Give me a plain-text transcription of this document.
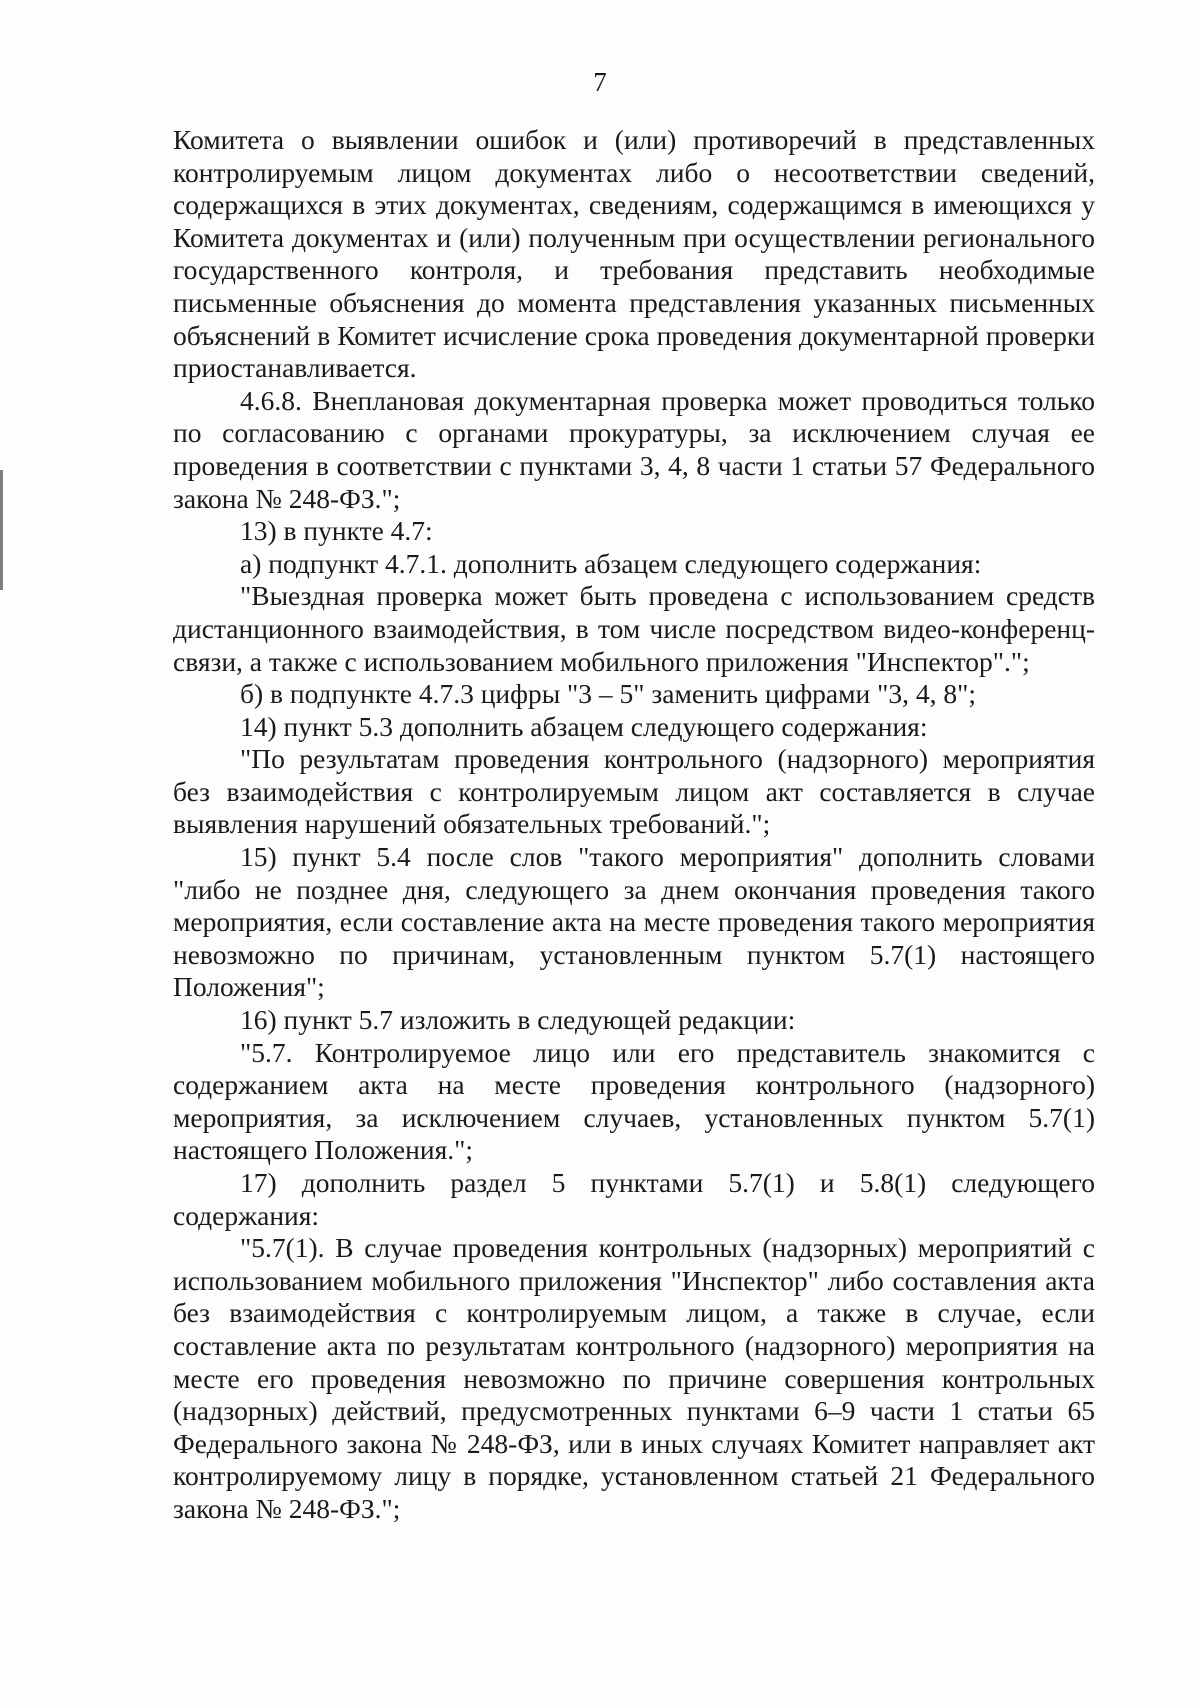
7

Комитета о выявлении ошибок и (или) противоречий в представленных контролируемым лицом документах либо о несоответствии сведений, содержащихся в этих документах, сведениям, содержащимся в имеющихся у Комитета документах и (или) полученным при осуществлении регионального государственного контроля, и требования представить необходимые письменные объяснения до момента представления указанных письменных объяснений в Комитет исчисление срока проведения документарной проверки приостанавливается.

4.6.8. Внеплановая документарная проверка может проводиться только по согласованию с органами прокуратуры, за исключением случая ее проведения в соответствии с пунктами 3, 4, 8 части 1 статьи 57 Федерального закона № 248-ФЗ.";

13) в пункте 4.7:

а) подпункт 4.7.1. дополнить абзацем следующего содержания:

"Выездная проверка может быть проведена с использованием средств дистанционного взаимодействия, в том числе посредством видео-конференц-связи, а также с использованием мобильного приложения "Инспектор".";

б) в подпункте 4.7.3 цифры "3 – 5" заменить цифрами "3, 4, 8";

14) пункт 5.3 дополнить абзацем следующего содержания:

"По результатам проведения контрольного (надзорного) мероприятия без взаимодействия с контролируемым лицом акт составляется в случае выявления нарушений обязательных требований.";

15) пункт 5.4 после слов "такого мероприятия" дополнить словами "либо не позднее дня, следующего за днем окончания проведения такого мероприятия, если составление акта на месте проведения такого мероприятия невозможно по причинам, установленным пунктом 5.7(1) настоящего Положения";

16) пункт 5.7 изложить в следующей редакции:

"5.7. Контролируемое лицо или его представитель знакомится с содержанием акта на месте проведения контрольного (надзорного) мероприятия, за исключением случаев, установленных пунктом 5.7(1) настоящего Положения.";

17) дополнить раздел 5 пунктами 5.7(1) и 5.8(1) следующего содержания:

"5.7(1). В случае проведения контрольных (надзорных) мероприятий с использованием мобильного приложения "Инспектор" либо составления акта без взаимодействия с контролируемым лицом, а также в случае, если составление акта по результатам контрольного (надзорного) мероприятия на месте его проведения невозможно по причине совершения контрольных (надзорных) действий, предусмотренных пунктами 6–9 части 1 статьи 65 Федерального закона № 248-ФЗ, или в иных случаях Комитет направляет акт контролируемому лицу в порядке, установленном статьей 21 Федерального закона № 248-ФЗ.";
